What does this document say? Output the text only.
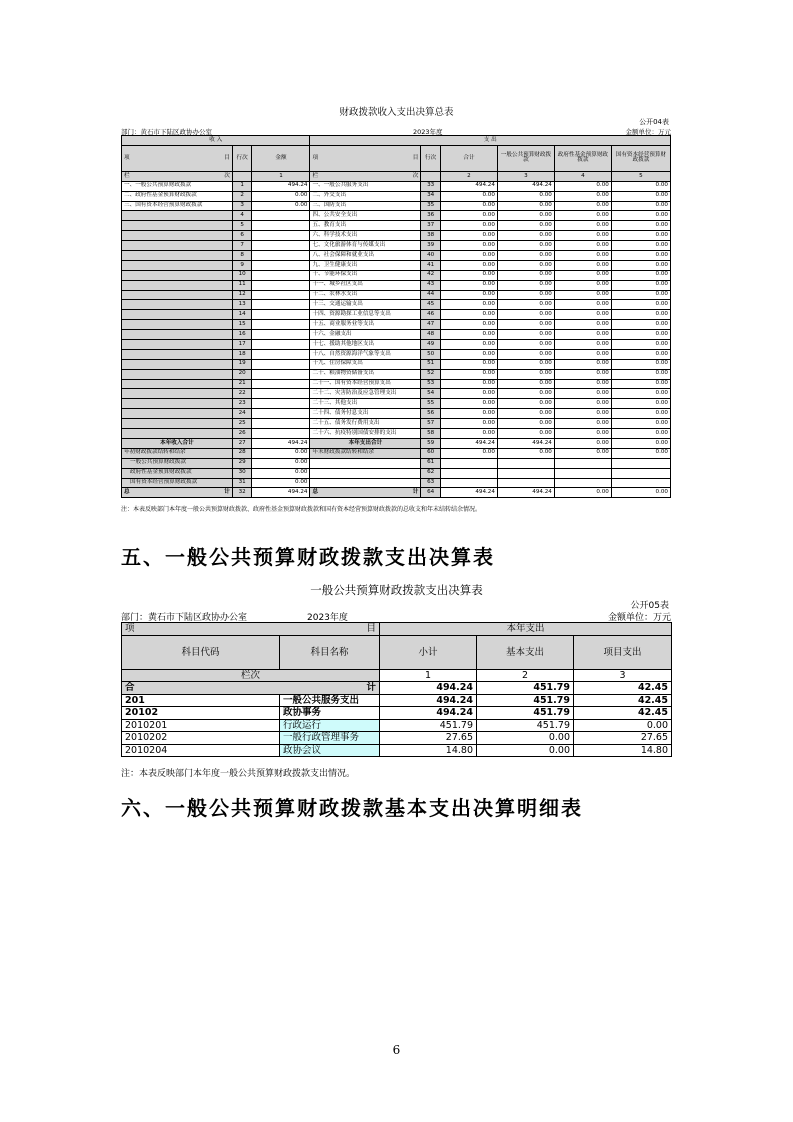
财政拨款收入支出决算总表
公开04表
部门：黄石市下陆区政协办公室	2023年度	金额单位：万元
收 入			支 出					
项 目	行次	金额	项 目	行次	合计	一般公共预算财政拨款	政府性基金预算财政拨款	国有资本经营预算财政拨款
栏 次		1	栏 次		2	3	4	5
一、一般公共预算财政拨款	1	494.24	一、一般公共服务支出	33	494.24	494.24	0.00	0.00
二、政府性基金预算财政拨款	2	0.00	二、外交支出	34	0.00	0.00	0.00	0.00
三、国有资本经营预算财政拨款	3	0.00	三、国防支出	35	0.00	0.00	0.00	0.00
	4		四、公共安全支出	36	0.00	0.00	0.00	0.00
	5		五、教育支出	37	0.00	0.00	0.00	0.00
	6		六、科学技术支出	38	0.00	0.00	0.00	0.00
	7		七、文化旅游体育与传媒支出	39	0.00	0.00	0.00	0.00
	8		八、社会保障和就业支出	40	0.00	0.00	0.00	0.00
	9		九、卫生健康支出	41	0.00	0.00	0.00	0.00
	10		十、节能环保支出	42	0.00	0.00	0.00	0.00
	11		十一、城乡社区支出	43	0.00	0.00	0.00	0.00
	12		十二、农林水支出	44	0.00	0.00	0.00	0.00
	13		十三、交通运输支出	45	0.00	0.00	0.00	0.00
	14		十四、资源勘探工业信息等支出	46	0.00	0.00	0.00	0.00
	15		十五、商业服务业等支出	47	0.00	0.00	0.00	0.00
	16		十六、金融支出	48	0.00	0.00	0.00	0.00
	17		十七、援助其他地区支出	49	0.00	0.00	0.00	0.00
	18		十八、自然资源海洋气象等支出	50	0.00	0.00	0.00	0.00
	19		十九、住房保障支出	51	0.00	0.00	0.00	0.00
	20		二十、粮油物资储备支出	52	0.00	0.00	0.00	0.00
	21		二十一、国有资本经营预算支出	53	0.00	0.00	0.00	0.00
	22		二十二、灾害防治及应急管理支出	54	0.00	0.00	0.00	0.00
	23		二十三、其他支出	55	0.00	0.00	0.00	0.00
	24		二十四、债务付息支出	56	0.00	0.00	0.00	0.00
	25		二十五、债务发行费用支出	57	0.00	0.00	0.00	0.00
	26		二十六、抗疫特别国债安排的支出	58	0.00	0.00	0.00	0.00
本年收入合计	27	494.24	本年支出合计	59	494.24	494.24	0.00	0.00
年初财政拨款结转和结余	28	0.00	年末财政拨款结转和结余	60	0.00	0.00	0.00	0.00
一般公共预算财政拨款	29	0.00		61				
政府性基金预算财政拨款	30	0.00		62				
国有资本经营预算财政拨款	31	0.00		63				
总 计	32	494.24	总 计	64	494.24	494.24	0.00	0.00
注：本表反映部门本年度一般公共预算财政拨款、政府性基金预算财政拨款和国有资本经营预算财政拨款的总收支和年末结转结余情况。
五、一般公共预算财政拨款支出决算表
一般公共预算财政拨款支出决算表
公开05表
部门：黄石市下陆区政协办公室	2023年度	金额单位：万元
项 目		本年支出		
科目代码	科目名称	小计	基本支出	项目支出
栏次		1	2	3
合 计		494.24	451.79	42.45
201	一般公共服务支出	494.24	451.79	42.45
20102	政协事务	494.24	451.79	42.45
2010201	行政运行	451.79	451.79	0.00
2010202	一般行政管理事务	27.65	0.00	27.65
2010204	政协会议	14.80	0.00	14.80
注：本表反映部门本年度一般公共预算财政拨款支出情况。
六、一般公共预算财政拨款基本支出决算明细表
6
